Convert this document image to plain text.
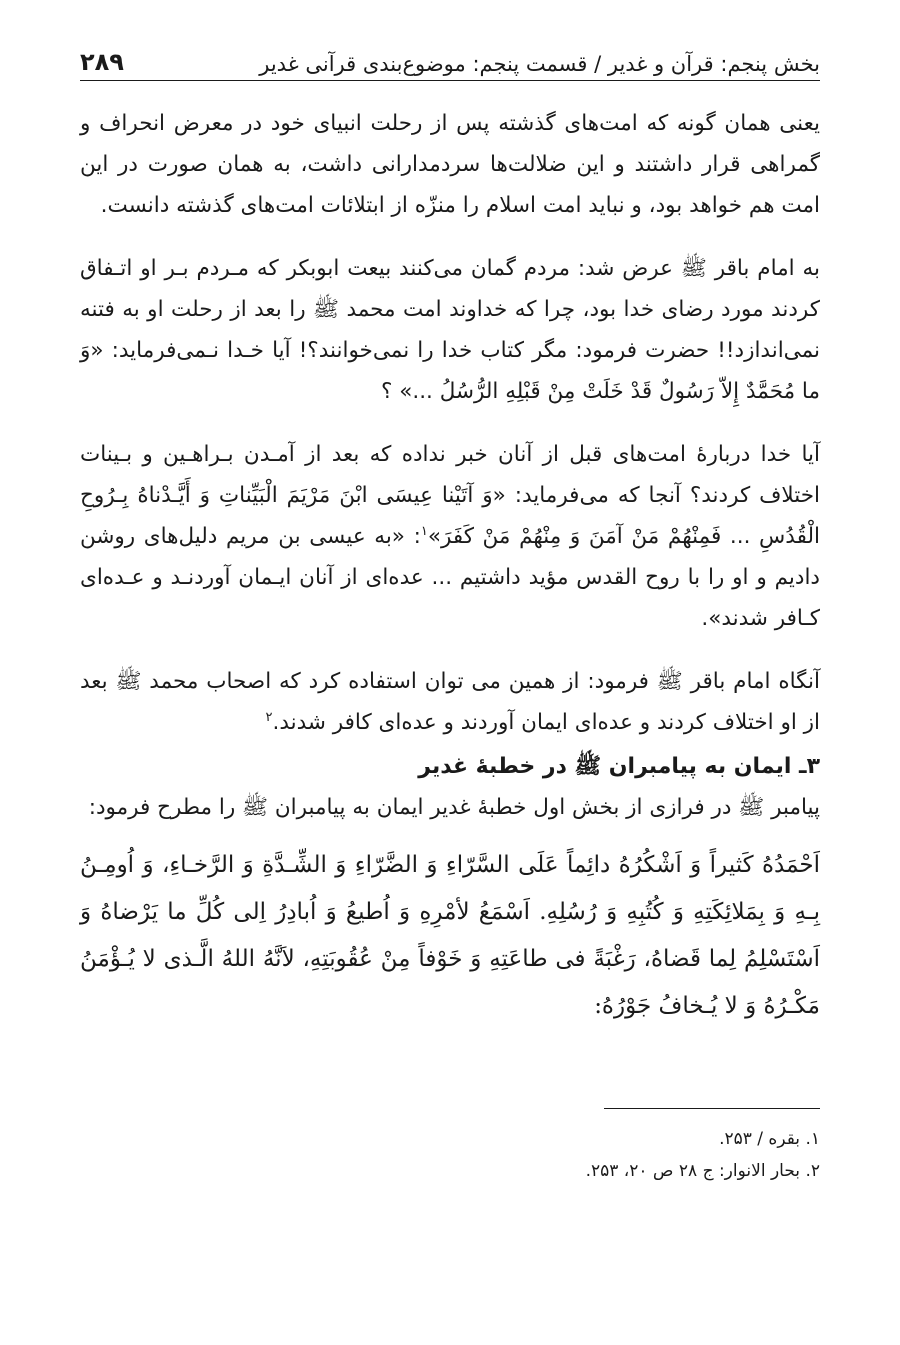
بخش پنجم: قرآن و غدیر / قسمت پنجم: موضوع‌بندی قرآنی غدیر
۲۸۹

یعنی همان گونه که امت‌های گذشته پس از رحلت انبیای خود در معرض انحراف و گمراهی قرار داشتند و این ضلالت‌ها سردمدارانی داشت، به همان صورت در این امت هم خواهد بود، و نباید امت اسلام را منزّه از ابتلائات امت‌های گذشته دانست.

به امام باقر ﷺ عرض شد: مردم گمان می‌کنند بیعت ابوبکر که مـردم بـر او اتـفاق کردند مورد رضای خدا بود، چرا که خداوند امت محمد ﷺ را بعد از رحلت او به فتنه نمی‌اندازد!! حضرت فرمود: مگر کتاب خدا را نمی‌خوانند؟! آیا خـدا نـمی‌فرماید: «وَ ما مُحَمَّدٌ إِلاّ رَسُولٌ قَدْ خَلَتْ مِنْ قَبْلِهِ الرُّسُلُ ...» ؟

آیا خدا دربارهٔ امت‌های قبل از آنان خبر نداده که بعد از آمـدن بـراهـین و بـینات اختلاف کردند؟ آنجا که می‌فرماید: «وَ آتَیْنا عِیسَی ابْنَ مَرْیَمَ الْبَیِّناتِ وَ أَیَّـدْناهُ بِـرُوحِ الْقُدُسِ ... فَمِنْهُمْ مَنْ آمَنَ وَ مِنْهُمْ مَنْ کَفَرَ»$^۱$: «به عیسی بن مریم دلیل‌های روشن دادیم و او را با روح القدس مؤید داشتیم ... عده‌ای از آنان ایـمان آوردنـد و عـده‌ای کـافر شدند».

آنگاه امام باقر ﷺ فرمود: از همین می توان استفاده کرد که اصحاب محمد ﷺ بعد از او اختلاف کردند و عده‌ای ایمان آوردند و عده‌ای کافر شدند.$^۲$

۳ـ ایمان به پیامبران ﷺ در خطبهٔ غدیر

پیامبر ﷺ در فرازی از بخش اول خطبهٔ غدیر ایمان به پیامبران ﷺ را مطرح فرمود:

اَحْمَدُهُ کَثیراً وَ اَشْکُرُهُ دائِماً عَلَی السَّرّاءِ وَ الضَّرّاءِ وَ الشِّـدَّةِ وَ الرَّخـاءِ، وَ اُومِـنُ بِـهِ وَ بِمَلائِکَتِهِ وَ کُتُبِهِ وَ رُسُلِهِ. اَسْمَعُ لأمْرِهِ وَ اُطیعُ وَ اُبادِرُ اِلی کُلِّ ما یَرْضاهُ وَ اَسْتَسْلِمُ لِما قَضاهُ، رَغْبَةً فی طاعَتِهِ وَ خَوْفاً مِنْ عُقُوبَتِهِ، لاَنَّهُ اللهُ الَّـذی لا یُـؤْمَنُ مَکْـرُهُ وَ لا یُـخافُ جَوْرُهُ:
۱. بقره / ۲۵۳.
۲. بحار الانوار: ج ۲۸ ص ۲۰، ۲۵۳.
